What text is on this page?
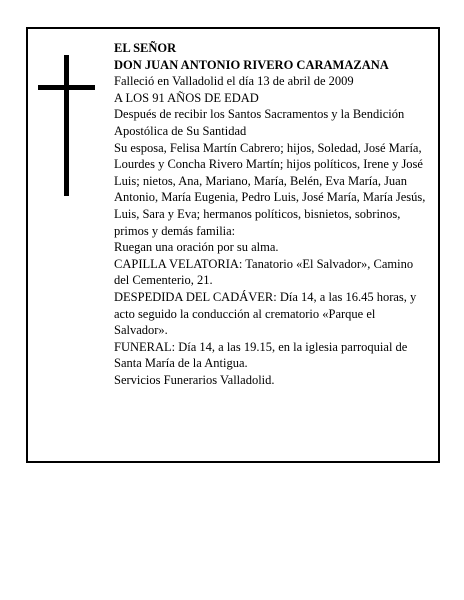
EL SEÑOR

DON JUAN ANTONIO RIVERO CARAMAZANA

Falleció en Valladolid el día 13 de abril de 2009

A LOS 91 AÑOS DE EDAD

Después de recibir los Santos Sacramentos y la Bendición Apostólica de Su Santidad

Su esposa, Felisa Martín Cabrero; hijos, Soledad, José María, Lourdes y Concha Rivero Martín; hijos políticos, Irene y José Luis; nietos, Ana, Mariano, María, Belén, Eva María, Juan Antonio, María Eugenia, Pedro Luis, José María, María Jesús, Luis, Sara y Eva; hermanos políticos, bisnietos, sobrinos, primos y demás familia:

Ruegan una oración por su alma.

CAPILLA VELATORIA: Tanatorio «El Salvador», Camino del Cementerio, 21.

DESPEDIDA DEL CADÁVER: Día 14, a las 16.45 horas, y acto seguido la conducción al crematorio «Parque el Salvador».

FUNERAL: Día 14, a las 19.15, en la iglesia parroquial de Santa María de la Antigua.

Servicios Funerarios Valladolid.
